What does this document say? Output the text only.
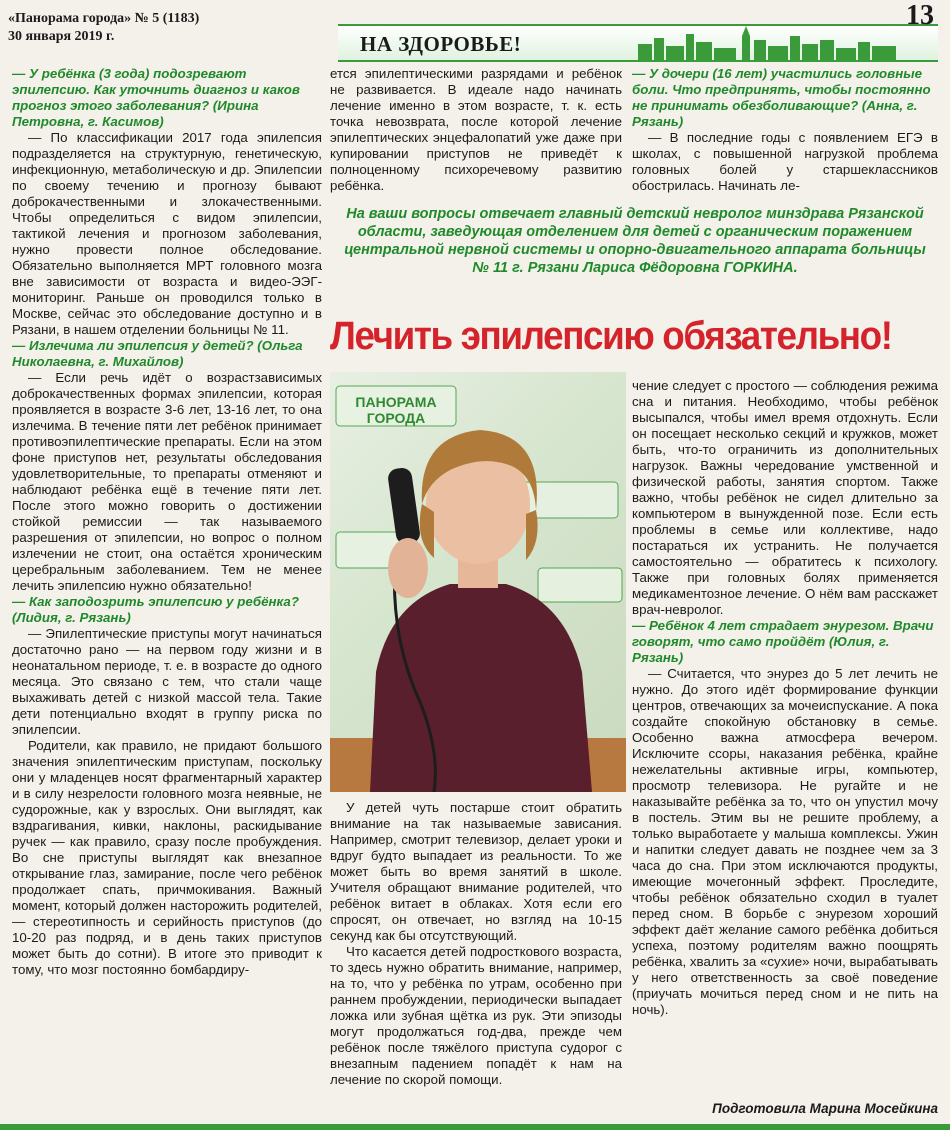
«Панорама города» № 5 (1183)
30 января 2019 г.	НА ЗДОРОВЬЕ!
13

— У ребёнка (3 года) подозревают эпилепсию. Как уточнить диагноз и каков прогноз этого заболевания? (Ирина Петровна, г. Касимов)

— По классификации 2017 года эпилепсия подразделяется на структурную, генетическую, инфекционную, метаболическую и др. Эпилепсии по своему течению и прогнозу бывают доброкачественными и злокачественными. Чтобы определиться с видом эпилепсии, тактикой лечения и прогнозом заболевания, нужно провести полное обследование. Обязательно выполняется МРТ головного мозга вне зависимости от возраста и видео-ЭЭГ-мониторинг. Раньше он проводился только в Москве, сейчас это обследование доступно и в Рязани, в нашем отделении больницы № 11.

— Излечима ли эпилепсия у детей? (Ольга Николаевна, г. Михайлов)

— Если речь идёт о возрастзависимых доброкачественных формах эпилепсии, которая проявляется в возрасте 3-6 лет, 13-16 лет, то она излечима. В течение пяти лет ребёнок принимает противоэпилептические препараты. Если на этом фоне приступов нет, результаты обследования удовлетворительные, то препараты отменяют и наблюдают ребёнка ещё в течение пяти лет. После этого можно говорить о достижении стойкой ремиссии — так называемого разрешения от эпилепсии, но вопрос о полном излечении не стоит, она остаётся хроническим церебральным заболеванием. Тем не менее лечить эпилепсию нужно обязательно!

— Как заподозрить эпилепсию у ребёнка? (Лидия, г. Рязань)

— Эпилептические приступы могут начинаться достаточно рано — на первом году жизни и в неонатальном периоде, т. е. в возрасте до одного месяца. Это связано с тем, что стали чаще выхаживать детей с низкой массой тела. Такие дети потенциально входят в группу риска по эпилепсии.

Родители, как правило, не придают большого значения эпилептическим приступам, поскольку они у младенцев носят фрагментарный характер и в силу незрелости головного мозга неявные, не судорожные, как у взрослых. Они выглядят, как вздрагивания, кивки, наклоны, раскидывание ручек — как правило, сразу после пробуждения. Во сне приступы выглядят как внезапное открывание глаз, замирание, после чего ребёнок продолжает спать, причмокивания. Важный момент, который должен насторожить родителей, — стереотипность и серийность приступов (до 10-20 раз подряд, и в день таких приступов может быть до сотни). В итоге это приводит к тому, что мозг постоянно бомбардиру-

ется эпилептическими разрядами и ребёнок не развивается. В идеале надо начинать лечение именно в этом возрасте, т. к. есть точка невозврата, после которой лечение эпилептических энцефалопатий уже даже при купировании приступов не приведёт к полноценному психоречевому развитию ребёнка.

— У дочери (16 лет) участились головные боли. Что предпринять, чтобы постоянно не принимать обезболивающие? (Анна, г. Рязань)

— В последние годы с появлением ЕГЭ в школах, с повышенной нагрузкой проблема головных болей у старшеклассников обострилась. Начинать ле-

На ваши вопросы отвечает главный детский невролог минздрава Рязанской области, заведующая отделением для детей с органическим поражением центральной нервной системы и опорно-двигательного аппарата больницы № 11 г. Рязани Лариса Фёдоровна ГОРКИНА.
Лечить эпилепсию обязательно!
ПАНОРАМА ГОРОДА

У детей чуть постарше стоит обратить внимание на так называемые зависания. Например, смотрит телевизор, делает уроки и вдруг будто выпадает из реальности. То же может быть во время занятий в школе. Учителя обращают внимание родителей, что ребёнок витает в облаках. Хотя если его спросят, он отвечает, но взгляд на 10-15 секунд как бы отсутствующий.

Что касается детей подросткового возраста, то здесь нужно обратить внимание, например, на то, что у ребёнка по утрам, особенно при раннем пробуждении, периодически выпадает ложка или зубная щётка из рук. Эти эпизоды могут продолжаться год-два, прежде чем ребёнок после тяжёлого приступа судорог с внезапным падением попадёт к нам на лечение по скорой помощи.

чение следует с простого — соблюдения режима сна и питания. Необходимо, чтобы ребёнок высыпался, чтобы имел время отдохнуть. Если он посещает несколько секций и кружков, может быть, что-то ограничить из дополнительных нагрузок. Важны чередование умственной и физической работы, занятия спортом. Также важно, чтобы ребёнок не сидел длительно за компьютером в вынужденной позе. Если есть проблемы в семье или коллективе, надо постараться их устранить. Не получается самостоятельно — обратитесь к психологу. Также при головных болях применяется медикаментозное лечение. О нём вам расскажет врач-невролог.

— Ребёнок 4 лет страдает энурезом. Врачи говорят, что само пройдёт (Юлия, г. Рязань)

— Считается, что энурез до 5 лет лечить не нужно. До этого идёт формирование функции центров, отвечающих за мочеиспускание. А пока создайте спокойную обстановку в семье. Особенно важна атмосфера вечером. Исключите ссоры, наказания ребёнка, крайне нежелательны активные игры, компьютер, просмотр телевизора. Не ругайте и не наказывайте ребёнка за то, что он упустил мочу в постель. Этим вы не решите проблему, а только выработаете у малыша комплексы. Ужин и напитки следует давать не позднее чем за 3 часа до сна. При этом исключаются продукты, имеющие мочегонный эффект. Проследите, чтобы ребёнок обязательно сходил в туалет перед сном. В борьбе с энурезом хороший эффект даёт желание самого ребёнка добиться успеха, поэтому родителям важно поощрять ребёнка, хвалить за «сухие» ночи, вырабатывать у него ответственность за своё поведение (приучать мочиться перед сном и не пить на ночь).

Подготовила Марина Мосейкина
